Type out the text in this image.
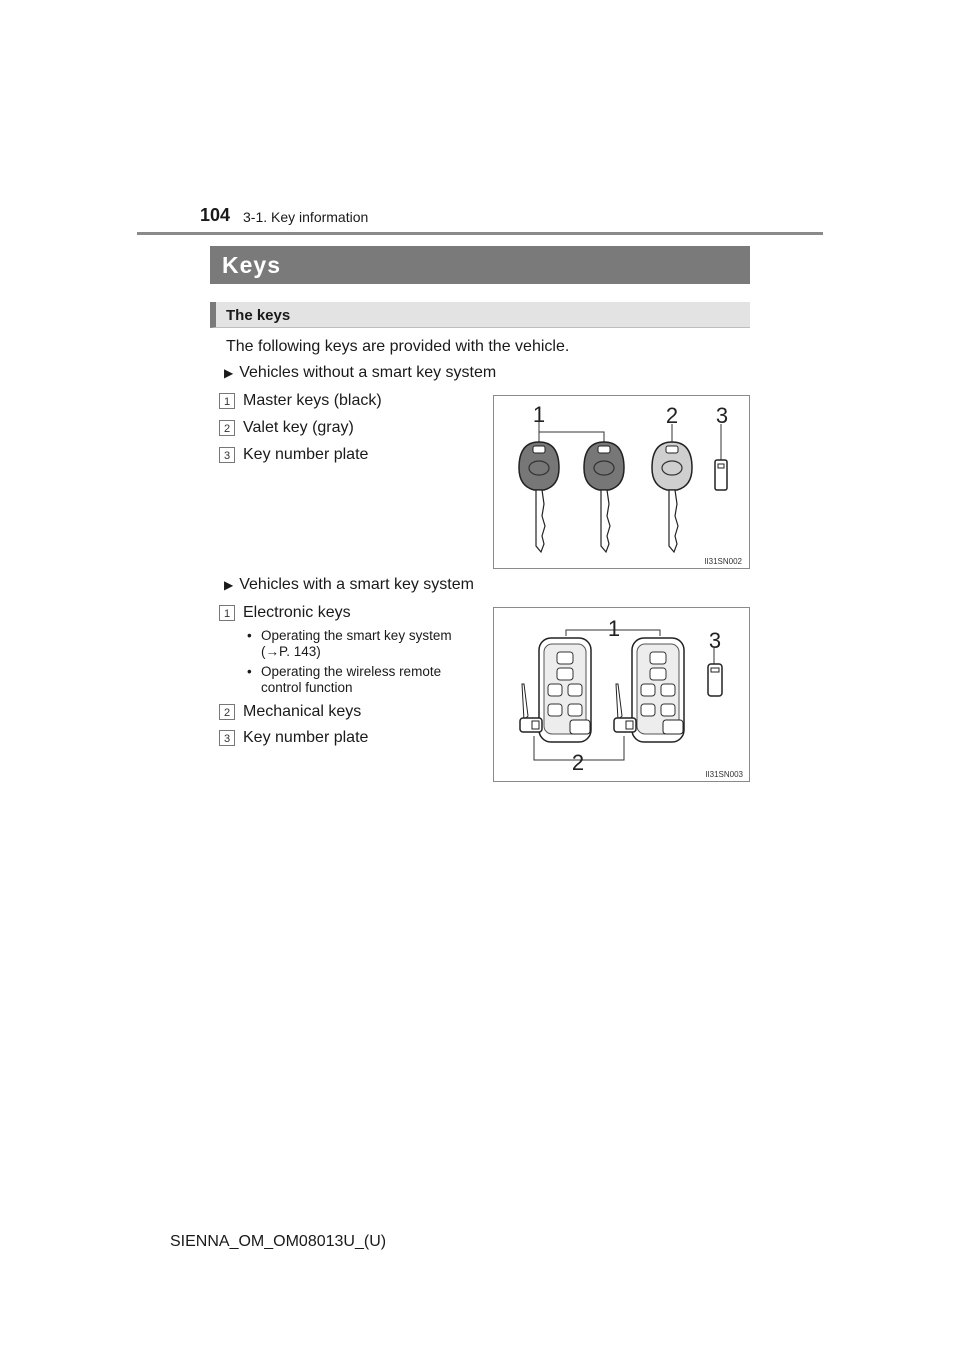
104 3-1. Key information
Keys
The keys
The following keys are provided with the vehicle.
▶ Vehicles without a smart key system
1 Master keys (black)
2 Valet key (gray)
3 Key number plate
1	2 3
II31SN002
▶ Vehicles with a smart key system
1 Electronic keys
• Operating the smart key system
(→P. 143)
• Operating the wireless remote
control function
2 Mechanical keys
3 Key number plate
1
2
3
II31SN003
SIENNA_OM_OM08013U_(U)
